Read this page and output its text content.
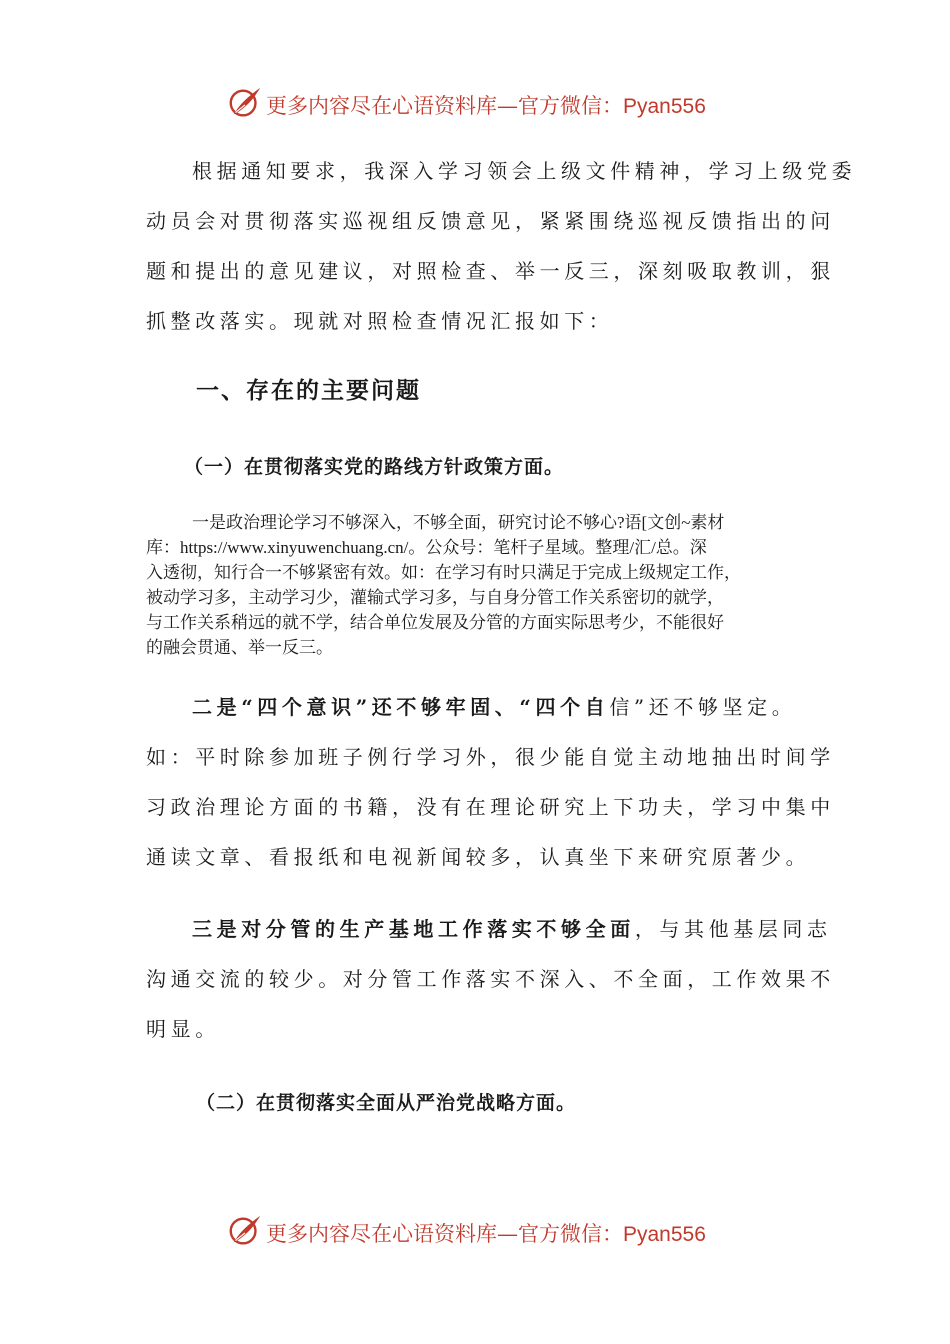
更多内容尽在心语资料库—官方微信：Pyan556
根据通知要求，我深入学习领会上级文件精神，学习上级党委
动员会对贯彻落实巡视组反馈意见，紧紧围绕巡视反馈指出的问
题和提出的意见建议，对照检查、举一反三，深刻吸取教训，狠
抓整改落实。现就对照检查情况汇报如下：
一、存在的主要问题
（一）在贯彻落实党的路线方针政策方面。
一是政治理论学习不够深入，不够全面，研究讨论不够心?语[文创~素材
库：https://www.xinyuwenchuang.cn/。公众号：笔杆子星域。整理/汇/总。深
入透彻，知行合一不够紧密有效。如：在学习有时只满足于完成上级规定工作，
被动学习多，主动学习少，灌输式学习多，与自身分管工作关系密切的就学，
与工作关系稍远的就不学，结合单位发展及分管的方面实际思考少，不能很好
的融会贯通、举一反三。
二是“四个意识”还不够牢固、“四个自信”还不够坚定。
如：平时除参加班子例行学习外，很少能自觉主动地抽出时间学
习政治理论方面的书籍，没有在理论研究上下功夫，学习中集中
通读文章、看报纸和电视新闻较多，认真坐下来研究原著少。
三是对分管的生产基地工作落实不够全面，与其他基层同志
沟通交流的较少。对分管工作落实不深入、不全面，工作效果不
明显。
（二）在贯彻落实全面从严治党战略方面。
更多内容尽在心语资料库—官方微信：Pyan556
